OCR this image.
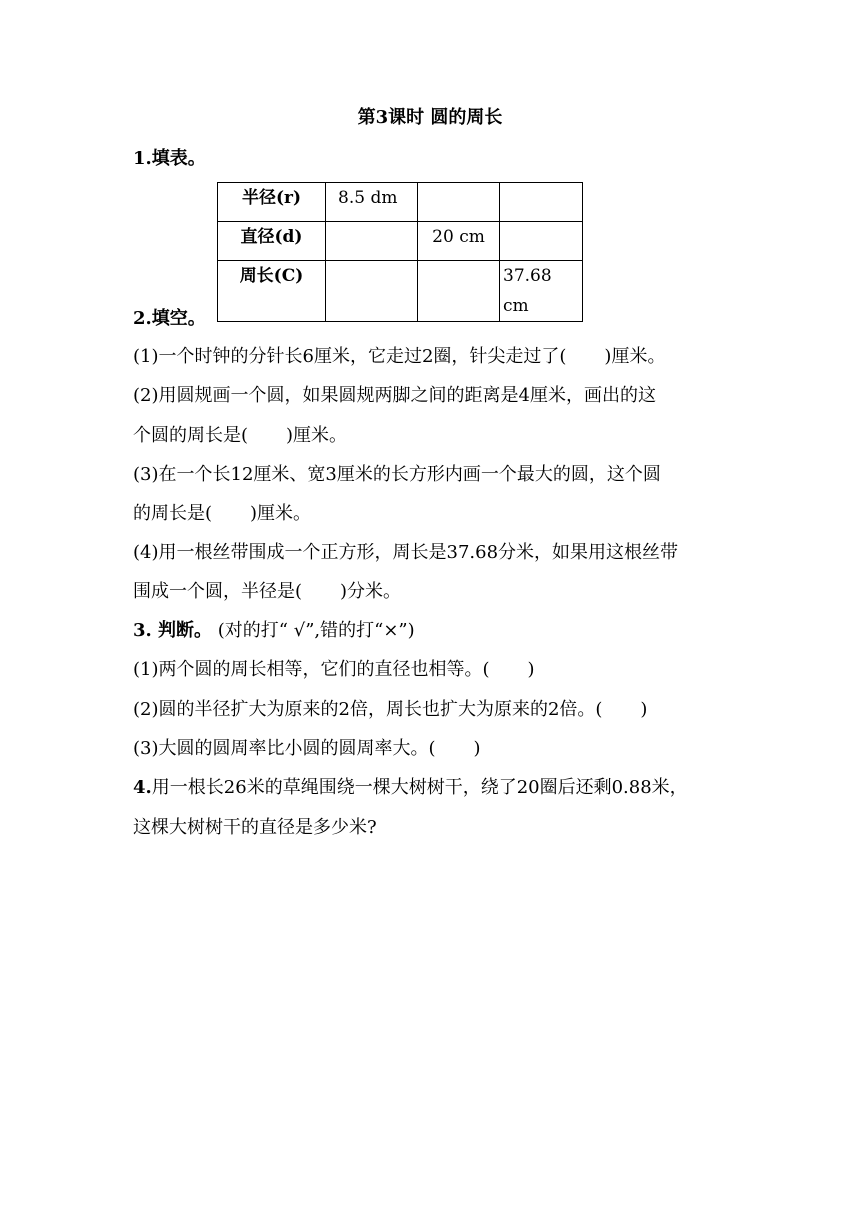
第3课时 圆的周长
1.填表。
半径(r)	8.5 dm		
直径(d)		20 cm	
周长(C)			37.68 cm
2.填空。
(1)一个时钟的分针长6厘米，它走过2圈，针尖走过了( )厘米。
(2)用圆规画一个圆，如果圆规两脚之间的距离是4厘米，画出的这
个圆的周长是( )厘米。
(3)在一个长12厘米、宽3厘米的长方形内画一个最大的圆，这个圆
的周长是( )厘米。
(4)用一根丝带围成一个正方形，周长是37.68分米，如果用这根丝带
围成一个圆，半径是( )分米。
3. 判断。 (对的打“ √”,错的打“×”)
(1)两个圆的周长相等，它们的直径也相等。( )
(2)圆的半径扩大为原来的2倍，周长也扩大为原来的2倍。( )
(3)大圆的圆周率比小圆的圆周率大。( )
4.用一根长26米的草绳围绕一棵大树树干，绕了20圈后还剩0.88米，
这棵大树树干的直径是多少米?
